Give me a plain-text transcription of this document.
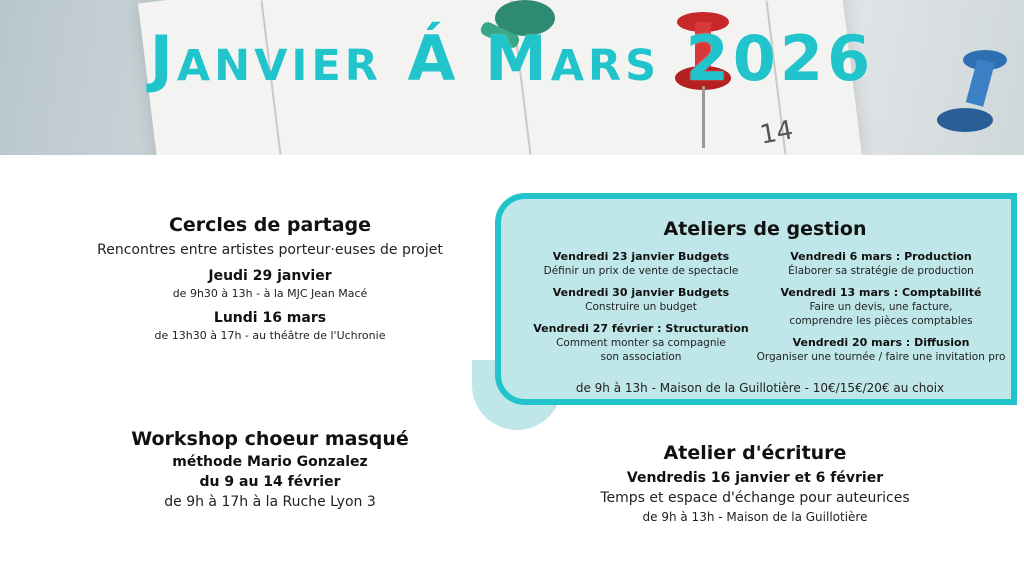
14
Janvier Á Mars 2026
Cercles de partage
Rencontres entre artistes porteur·euses de projet
Jeudi 29 janvier
de 9h30 à 13h - à la MJC Jean Macé
Lundi 16 mars
de 13h30 à 17h - au théâtre de l'Uchronie
Ateliers de gestion
Vendredi 23 janvier Budgets
Définir un prix de vente de spectacle
Vendredi 30 janvier Budgets
Construire un budget
Vendredi 27 février : Structuration
Comment monter sa compagnie
son association
Vendredi 6 mars : Production
Élaborer sa stratégie de production
Vendredi 13 mars : Comptabilité
Faire un devis, une facture,
comprendre les pièces comptables
Vendredi 20 mars : Diffusion
Organiser une tournée / faire une invitation pro
de 9h à 13h - Maison de la Guillotière - 10€/15€/20€ au choix
Workshop choeur masqué
méthode Mario Gonzalez
du 9 au 14 février
de 9h à 17h à la Ruche Lyon 3
Atelier d'écriture
Vendredis 16 janvier et 6 février
Temps et espace d'échange pour auteurices
de 9h à 13h - Maison de la Guillotière
